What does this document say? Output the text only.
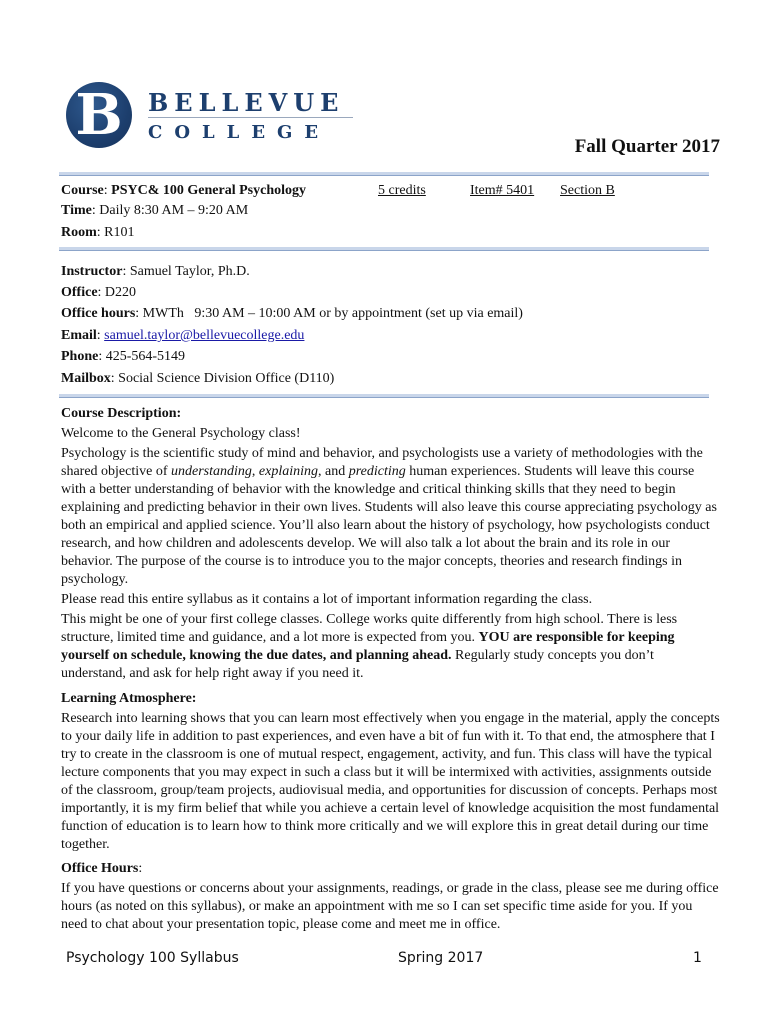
B	BELLEVUE
COLLEGE
Fall Quarter 2017
Course: PSYC& 100 General Psychology	5 credits	Item# 5401 Section B
Time: Daily 8:30 AM – 9:20 AM
Room: R101
Instructor: Samuel Taylor, Ph.D.
Office: D220
Office hours: MWTh   9:30 AM – 10:00 AM or by appointment (set up via email)
Email: samuel.taylor@bellevuecollege.edu
Phone: 425-564-5149
Mailbox: Social Science Division Office (D110)

Course Description:

Welcome to the General Psychology class!

Psychology is the scientific study of mind and behavior, and psychologists use a variety of methodologies with the shared objective of understanding, explaining, and predicting human experiences. Students will leave this course with a better understanding of behavior with the knowledge and critical thinking skills that they need to begin explaining and predicting behavior in their own lives. Students will also leave this course appreciating psychology as both an empirical and applied science. You’ll also learn about the history of psychology, how psychologists conduct research, and how children and adolescents develop. We will also talk a lot about the brain and its role in our behavior. The purpose of the course is to introduce you to the major concepts, theories and research findings in psychology.

Please read this entire syllabus as it contains a lot of important information regarding the class.

This might be one of your first college classes. College works quite differently from high school. There is less structure, limited time and guidance, and a lot more is expected from you. YOU are responsible for keeping yourself on schedule, knowing the due dates, and planning ahead. Regularly study concepts you don’t understand, and ask for help right away if you need it.

Learning Atmosphere:

Research into learning shows that you can learn most effectively when you engage in the material, apply the concepts to your daily life in addition to past experiences, and even have a bit of fun with it. To that end, the atmosphere that I try to create in the classroom is one of mutual respect, engagement, activity, and fun. This class will have the typical lecture components that you may expect in such a class but it will be intermixed with activities, assignments outside of the classroom, group/team projects, audiovisual media, and opportunities for discussion of concepts. Perhaps most importantly, it is my firm belief that while you achieve a certain level of knowledge acquisition the most fundamental function of education is to learn how to think more critically and we will explore this in great detail during our time together.

Office Hours:

If you have questions or concerns about your assignments, readings, or grade in the class, please see me during office hours (as noted on this syllabus), or make an appointment with me so I can set specific time aside for you. If you need to chat about your presentation topic, please come and meet me in office.

Psychology 100 Syllabus	Spring 2017	1
